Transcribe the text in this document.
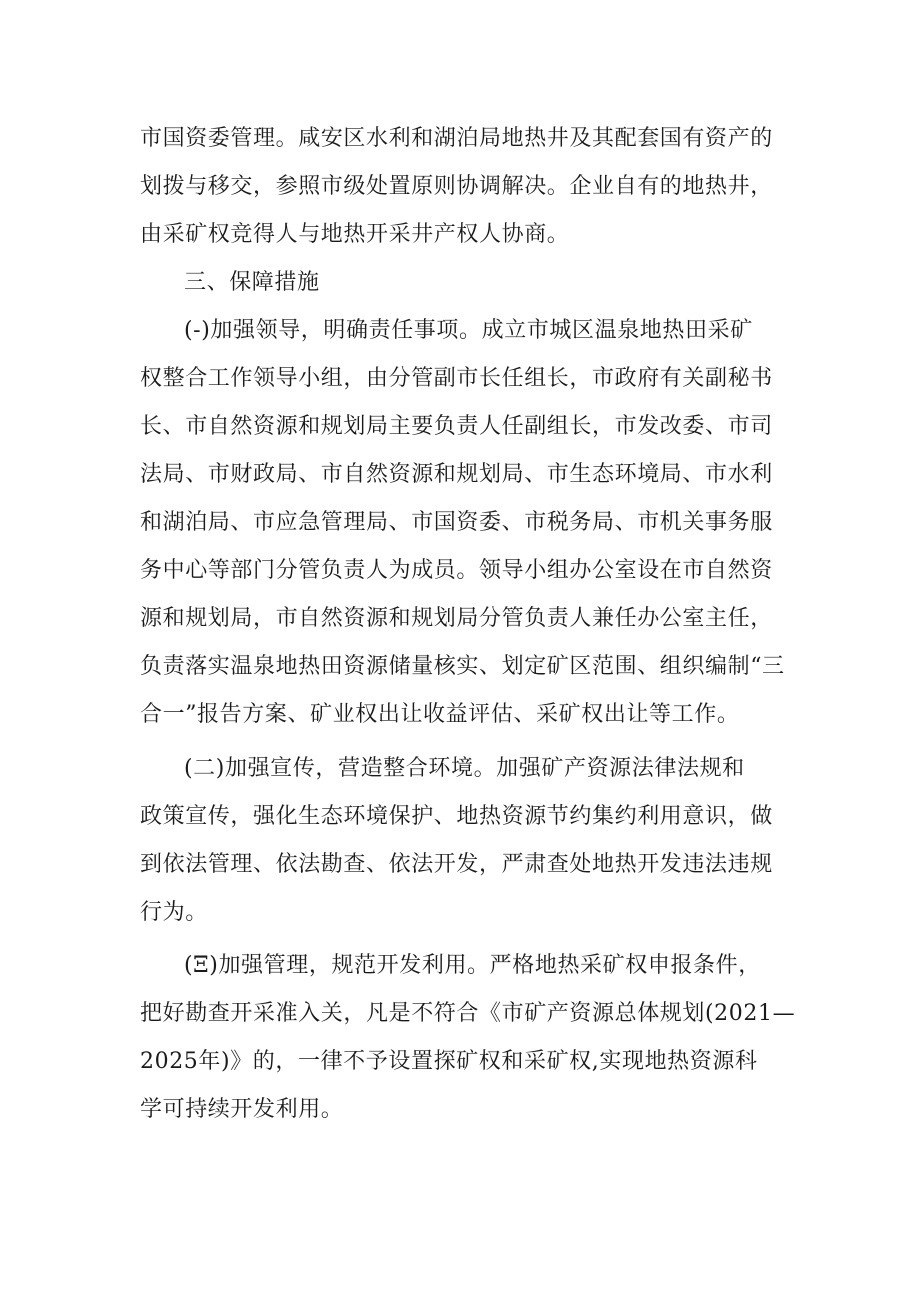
市国资委管理。咸安区水利和湖泊局地热井及其配套国有资产的
划拨与移交，参照市级处置原则协调解决。企业自有的地热井，
由采矿权竞得人与地热开采井产权人协商。
三、保障措施
(-)加强领导，明确责任事项。成立市城区温泉地热田采矿
权整合工作领导小组，由分管副市长任组长，市政府有关副秘书
长、市自然资源和规划局主要负责人任副组长，市发改委、市司
法局、市财政局、市自然资源和规划局、市生态环境局、市水利
和湖泊局、市应急管理局、市国资委、市税务局、市机关事务服
务中心等部门分管负责人为成员。领导小组办公室设在市自然资
源和规划局，市自然资源和规划局分管负责人兼任办公室主任，
负责落实温泉地热田资源储量核实、划定矿区范围、组织编制“三
合一”报告方案、矿业权出让收益评估、采矿权出让等工作。
(二)加强宣传，营造整合环境。加强矿产资源法律法规和
政策宣传，强化生态环境保护、地热资源节约集约利用意识，做
到依法管理、依法勘查、依法开发，严肃查处地热开发违法违规
行为。
(Ξ)加强管理，规范开发利用。严格地热采矿权申报条件，
把好勘查开采准入关，凡是不符合《市矿产资源总体规划(2021—
2025年)》的，一律不予设置探矿权和采矿权,实现地热资源科
学可持续开发利用。
